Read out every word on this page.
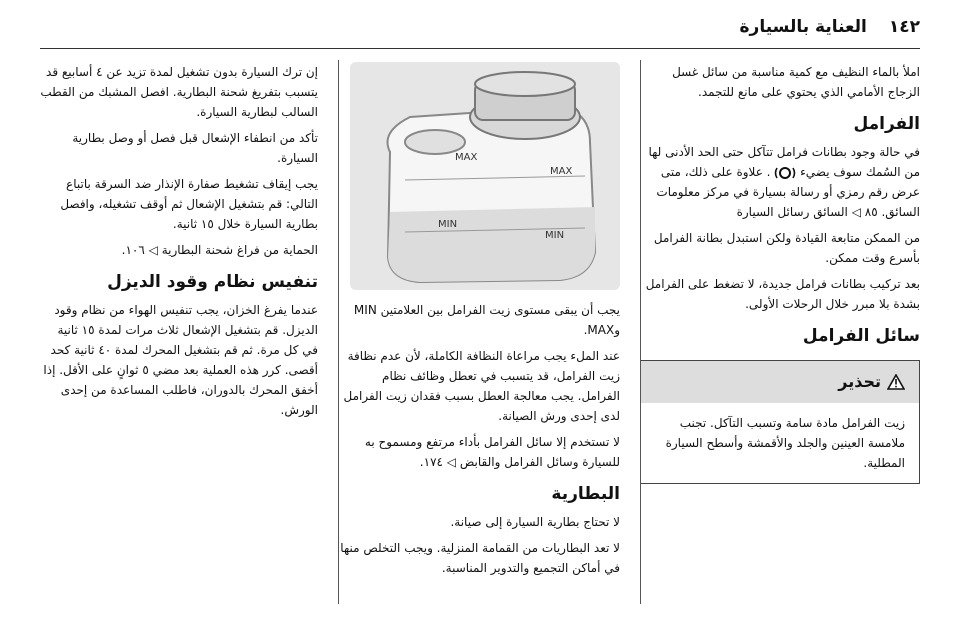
١٤٢
العناية بالسيارة

املأ بالماء النظيف مع كمية مناسبة من سائل غسل الزجاج الأمامي الذي يحتوي على مانع للتجمد.

الفرامل

في حالة وجود بطانات فرامل تتآكل حتى الحد الأدنى لها من السُمك سوف يضيء  . علاوة على ذلك، متى عرض رقم رمزي أو رسالة بسيارة في مركز معلومات السائق. ٨٥ ◁ السائق رسائل السيارة

من الممكن متابعة القيادة ولكن استبدل بطانة الفرامل بأسرع وقت ممكن.

بعد تركيب بطانات فرامل جديدة، لا تضغط على الفرامل بشدة بلا مبرر خلال الرحلات الأولى.

سائل الفرامل
تحذير
زيت الفرامل مادة سامة وتسبب التآكل. تجنب ملامسة العينين والجلد والأقمشة وأسطح السيارة المطلية.
MAX
MAX
MIN
MIN

يجب أن يبقى مستوى زيت الفرامل بين العلامتين MIN وMAX.

عند الملء يجب مراعاة النظافة الكاملة، لأن عدم نظافة زيت الفرامل، قد يتسبب في تعطل وظائف نظام الفرامل. يجب معالجة العطل بسبب فقدان زيت الفرامل لدى إحدى ورش الصيانة.

لا تستخدم إلا سائل الفرامل بأداء مرتفع ومسموح به للسيارة وسائل الفرامل والقابض ◁ ١٧٤.

البطارية

لا تحتاج بطارية السيارة إلى صيانة.

لا تعد البطاريات من القمامة المنزلية. ويجب التخلص منها في أماكن التجميع والتدوير المناسبة.

إن ترك السيارة بدون تشغيل لمدة تزيد عن ٤ أسابيع قد يتسبب بتفريغ شحنة البطارية. افصل المشبك من القطب السالب لبطارية السيارة.

تأكد من انطفاء الإشعال قبل فصل أو وصل بطارية السيارة.

يجب إيقاف تشغيط صفارة الإنذار ضد السرقة باتباع التالي: قم بتشغيل الإشعال ثم أوقف تشغيله، وافصل بطارية السيارة خلال ١٥ ثانية.

الحماية من فراغ شحنة البطارية ◁ ١٠٦.

تنفيس نظام وقود الديزل

عندما يفرغ الخزان، يجب تنفيس الهواء من نظام وقود الديزل. قم بتشغيل الإشعال ثلاث مرات لمدة ١٥ ثانية في كل مرة. ثم قم بتشغيل المحرك لمدة ٤٠ ثانية كحد أقصى. كرر هذه العملية بعد مضي ٥ ثوانٍ على الأقل. إذا أخفق المحرك بالدوران، فاطلب المساعدة من إحدى الورش.
